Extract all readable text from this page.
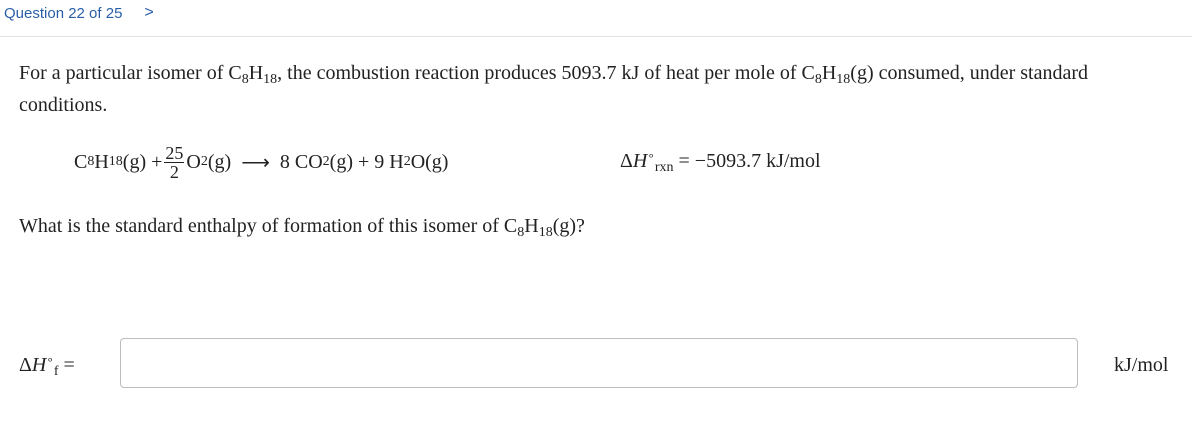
Question 22 of 25 >
For a particular isomer of $C_8H_{18}$, the combustion reaction produces 5093.7 kJ of heat per mole of $C_8H_{18}(g)$ consumed, under standard conditions.
C 8 H 18 $(g) + \frac{25}{2}$ O 2 (g) ⟶ 8 CO 2 (g) + 9 H 2 O(g)	$\Delta H^\circ_{rxn} = -5093.7$ kJ/mol
What is the standard enthalpy of formation of this isomer of $C_8H_{18}(g)$?
$\Delta H^\circ_f$ =	kJ/mol
